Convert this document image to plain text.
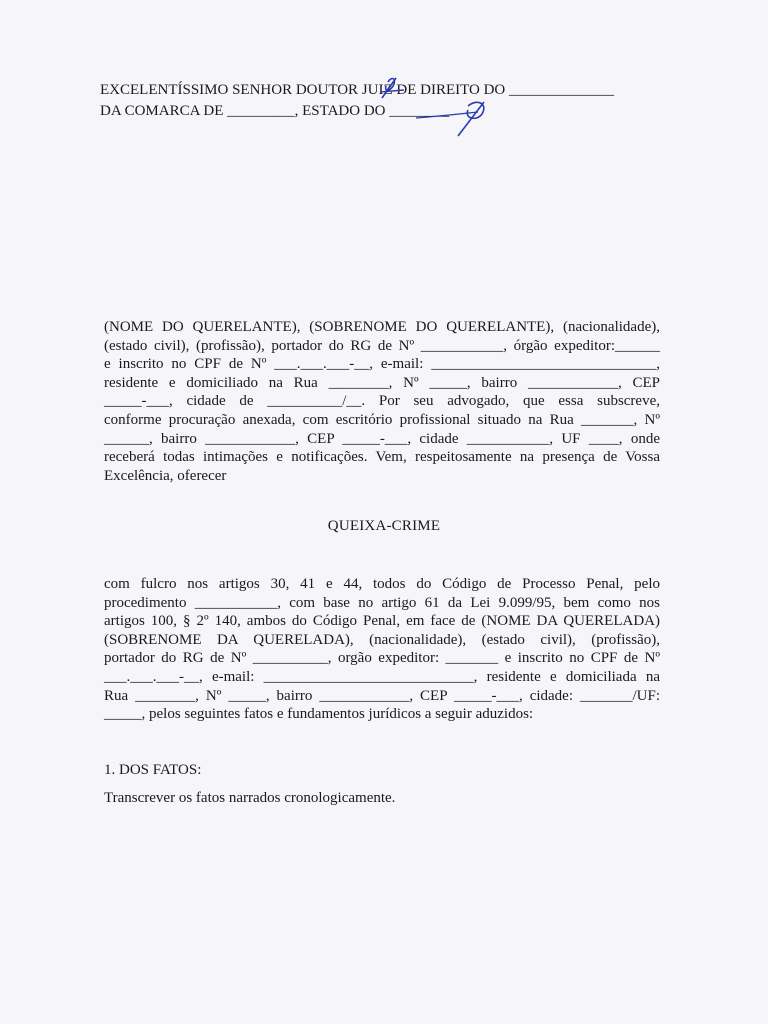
EXCELENTÍSSIMO SENHOR DOUTOR JUIZ DE DIREITO DO ______________
DA COMARCA DE _________, ESTADO DO ________
(NOME DO QUERELANTE), (SOBRENOME DO QUERELANTE), (nacionalidade),
(estado civil), (profissão), portador do RG de Nº ___________, órgão expeditor:______
e inscrito no CPF de Nº ___.___.___-__, e-mail: ______________________________,
residente e domiciliado na Rua ________, Nº _____, bairro ____________, CEP
_____-___, cidade de __________/__. Por seu advogado, que essa subscreve,
conforme procuração anexada, com escritório profissional situado na Rua _______, Nº
______, bairro ____________, CEP _____-___, cidade ___________, UF ____, onde
receberá todas intimações e notificações. Vem, respeitosamente na presença de Vossa
Excelência, oferecer
QUEIXA-CRIME
com fulcro nos artigos 30, 41 e 44, todos do Código de Processo Penal, pelo
procedimento ___________, com base no artigo 61 da Lei 9.099/95, bem como nos
artigos 100, § 2º 140, ambos do Código Penal, em face de (NOME DA QUERELADA)
(SOBRENOME DA QUERELADA), (nacionalidade), (estado civil), (profissão),
portador do RG de Nº __________, orgão expeditor: _______ e inscrito no CPF de Nº
___.___.___-__, e-mail: ____________________________, residente e domiciliada na
Rua ________, Nº _____, bairro ____________, CEP _____-___, cidade: _______/UF:
_____, pelos seguintes fatos e fundamentos jurídicos a seguir aduzidos:
1. DOS FATOS:
Transcrever os fatos narrados cronologicamente.
